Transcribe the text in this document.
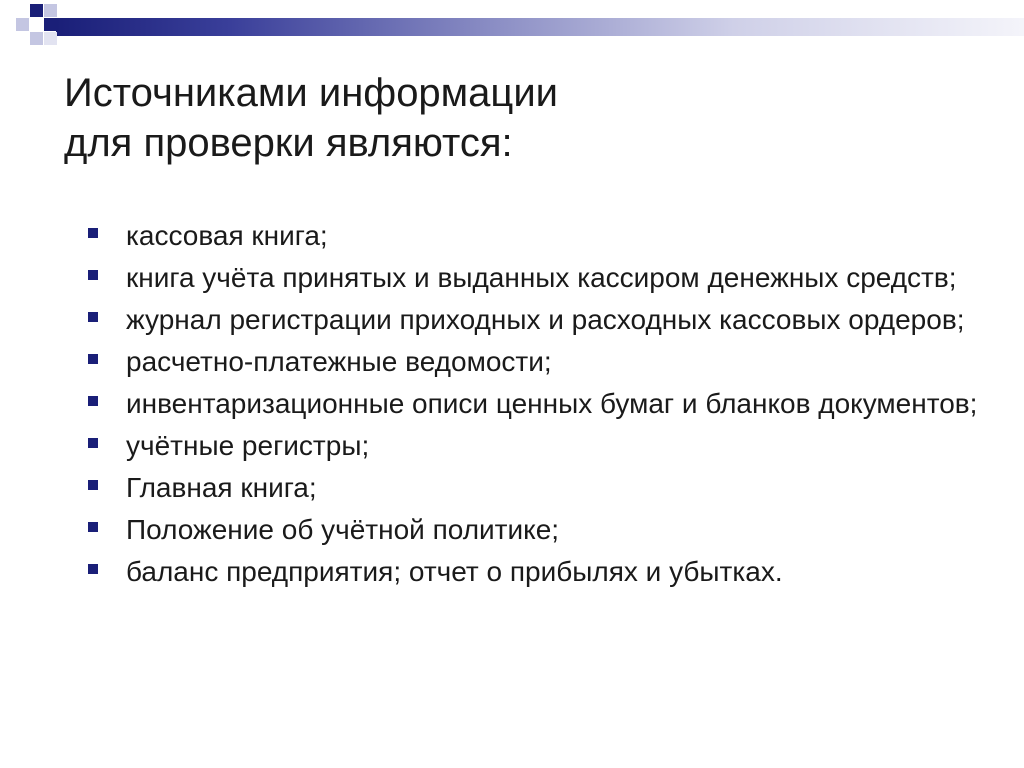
Источниками информации
для проверки являются:
кассовая книга;
книга учёта принятых и выданных кассиром денежных средств;
журнал регистрации приходных и расходных кассовых ордеров;
расчетно-платежные ведомости;
инвентаризационные описи ценных бумаг и бланков документов;
учётные регистры;
Главная книга;
Положение об учётной политике;
баланс предприятия; отчет о прибылях и убытках.
